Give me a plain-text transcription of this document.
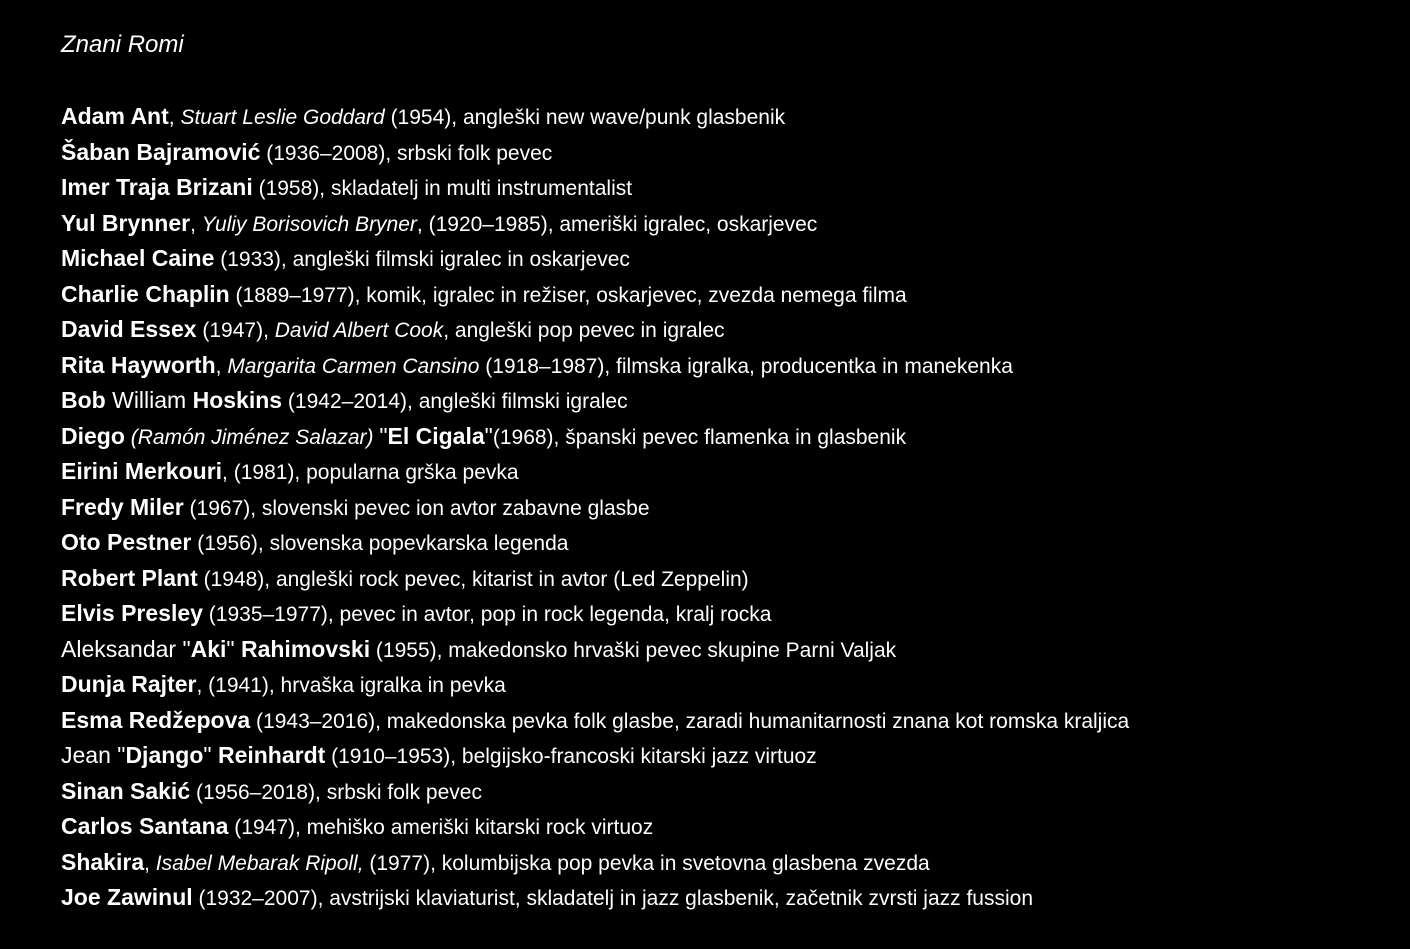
Znani Romi
Adam Ant, Stuart Leslie Goddard (1954), angleški new wave/punk glasbenik
Šaban Bajramović (1936–2008), srbski folk pevec
Imer Traja Brizani (1958), skladatelj in multi instrumentalist
Yul Brynner, Yuliy Borisovich Bryner, (1920–1985), ameriški igralec, oskarjevec
Michael Caine (1933), angleški filmski igralec in oskarjevec
Charlie Chaplin (1889–1977), komik, igralec in režiser, oskarjevec, zvezda nemega filma
David Essex (1947), David Albert Cook, angleški pop pevec in igralec
Rita Hayworth, Margarita Carmen Cansino (1918–1987), filmska igralka, producentka in manekenka
Bob William Hoskins (1942–2014), angleški filmski igralec
Diego (Ramón Jiménez Salazar) "El Cigala"(1968), španski pevec flamenka in glasbenik
Eirini Merkouri, (1981), popularna grška pevka
Fredy Miler (1967), slovenski pevec ion avtor zabavne glasbe
Oto Pestner (1956), slovenska popevkarska legenda
Robert Plant (1948), angleški rock pevec, kitarist in avtor (Led Zeppelin)
Elvis Presley (1935–1977), pevec in avtor, pop in rock legenda, kralj rocka
Aleksandar "Aki" Rahimovski (1955), makedonsko hrvaški pevec skupine Parni Valjak
Dunja Rajter, (1941), hrvaška igralka in pevka
Esma Redžepova (1943–2016), makedonska pevka folk glasbe, zaradi humanitarnosti znana kot romska kraljica
Jean "Django" Reinhardt (1910–1953), belgijsko-francoski kitarski jazz virtuoz
Sinan Sakić (1956–2018), srbski folk pevec
Carlos Santana (1947), mehiško ameriški kitarski rock virtuoz
Shakira, Isabel Mebarak Ripoll, (1977), kolumbijska pop pevka in svetovna glasbena zvezda
Joe Zawinul (1932–2007), avstrijski klaviaturist, skladatelj in jazz glasbenik, začetnik zvrsti jazz fussion
